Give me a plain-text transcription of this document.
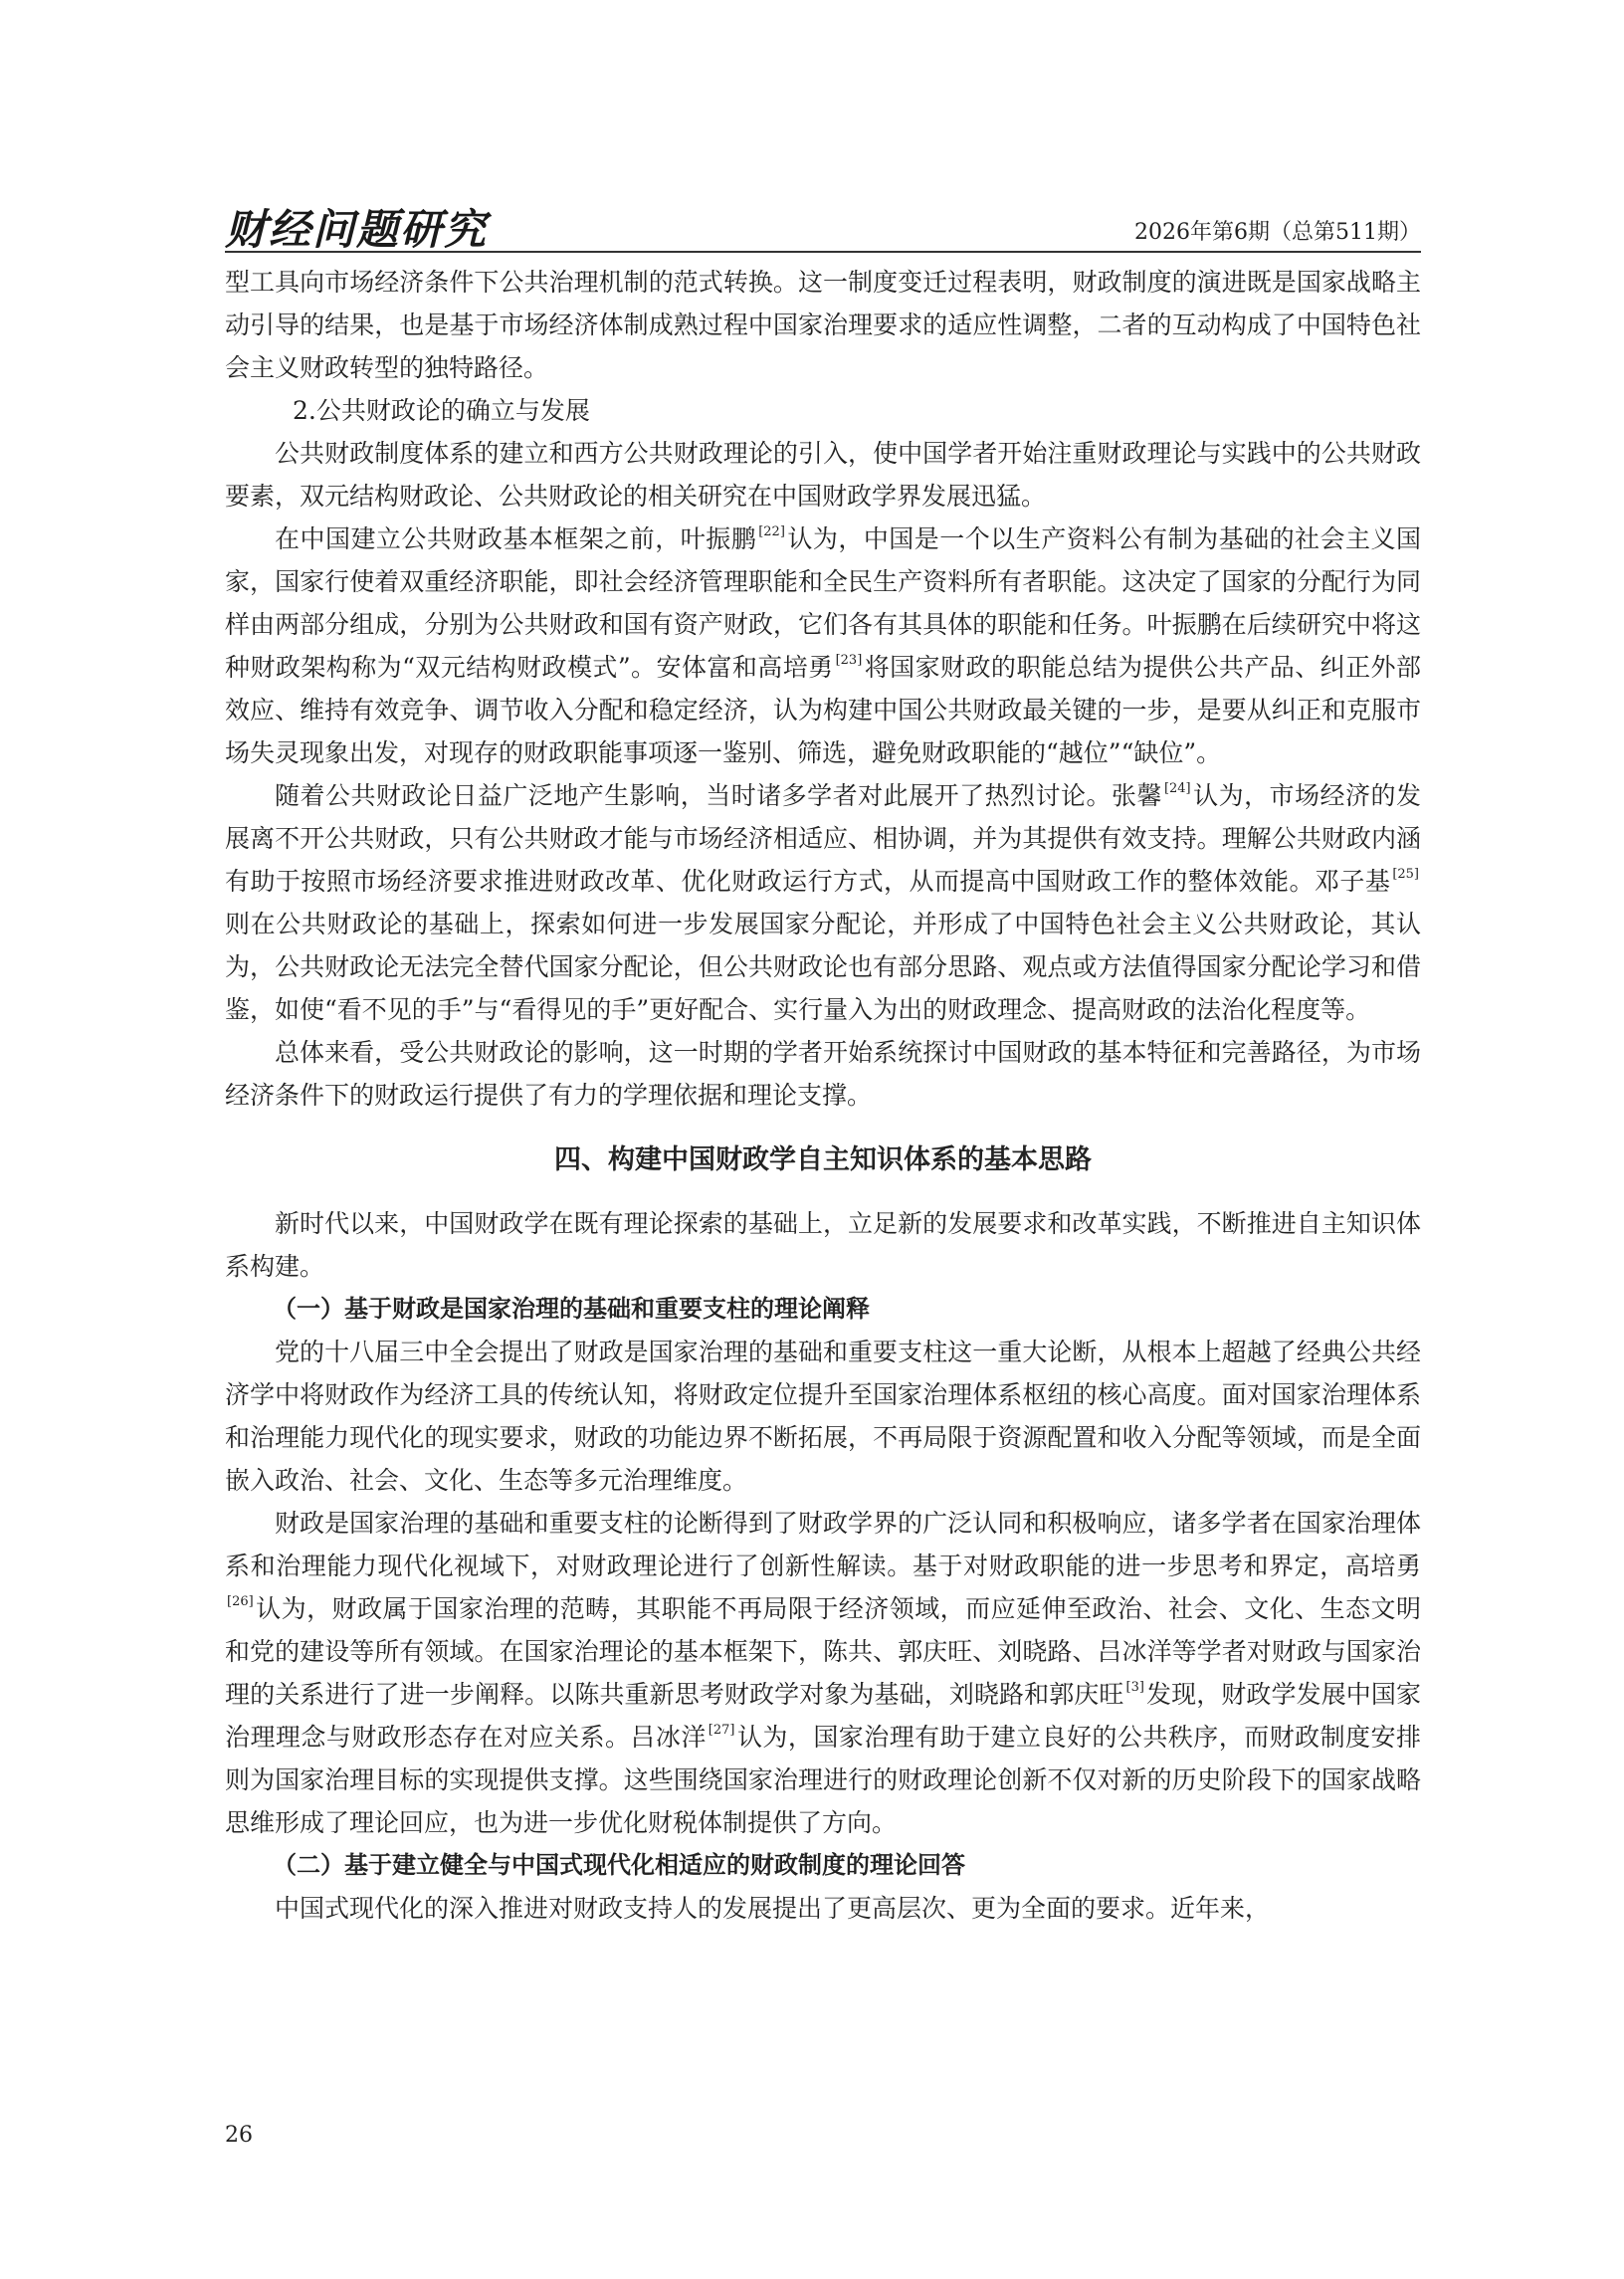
财经问题研究	2026年第6期（总第511期）

型工具向市场经济条件下公共治理机制的范式转换。这一制度变迁过程表明，财政制度的演进既是国家战略主动引导的结果，也是基于市场经济体制成熟过程中国家治理要求的适应性调整，二者的互动构成了中国特色社会主义财政转型的独特路径。

2.公共财政论的确立与发展

公共财政制度体系的建立和西方公共财政理论的引入，使中国学者开始注重财政理论与实践中的公共财政要素，双元结构财政论、公共财政论的相关研究在中国财政学界发展迅猛。

在中国建立公共财政基本框架之前，叶振鹏 [22]认为，中国是一个以生产资料公有制为基础的社会主义国家，国家行使着双重经济职能，即社会经济管理职能和全民生产资料所有者职能。这决定了国家的分配行为同样由两部分组成，分别为公共财政和国有资产财政，它们各有其具体的职能和任务。叶振鹏在后续研究中将这种财政架构称为“双元结构财政模式”。安体富和高培勇 [23]将国家财政的职能总结为提供公共产品、纠正外部效应、维持有效竞争、调节收入分配和稳定经济，认为构建中国公共财政最关键的一步，是要从纠正和克服市场失灵现象出发，对现存的财政职能事项逐一鉴别、筛选，避免财政职能的“越位”“缺位”。

随着公共财政论日益广泛地产生影响，当时诸多学者对此展开了热烈讨论。张馨 [24]认为，市场经济的发展离不开公共财政，只有公共财政才能与市场经济相适应、相协调，并为其提供有效支持。理解公共财政内涵有助于按照市场经济要求推进财政改革、优化财政运行方式，从而提高中国财政工作的整体效能。邓子基 [25]则在公共财政论的基础上，探索如何进一步发展国家分配论，并形成了中国特色社会主义公共财政论，其认为，公共财政论无法完全替代国家分配论，但公共财政论也有部分思路、观点或方法值得国家分配论学习和借鉴，如使“看不见的手”与“看得见的手”更好配合、实行量入为出的财政理念、提高财政的法治化程度等。

总体来看，受公共财政论的影响，这一时期的学者开始系统探讨中国财政的基本特征和完善路径，为市场经济条件下的财政运行提供了有力的学理依据和理论支撑。

四、构建中国财政学自主知识体系的基本思路

新时代以来，中国财政学在既有理论探索的基础上，立足新的发展要求和改革实践，不断推进自主知识体系构建。

（一）基于财政是国家治理的基础和重要支柱的理论阐释

党的十八届三中全会提出了财政是国家治理的基础和重要支柱这一重大论断，从根本上超越了经典公共经济学中将财政作为经济工具的传统认知，将财政定位提升至国家治理体系枢纽的核心高度。面对国家治理体系和治理能力现代化的现实要求，财政的功能边界不断拓展，不再局限于资源配置和收入分配等领域，而是全面嵌入政治、社会、文化、生态等多元治理维度。

财政是国家治理的基础和重要支柱的论断得到了财政学界的广泛认同和积极响应，诸多学者在国家治理体系和治理能力现代化视域下，对财政理论进行了创新性解读。基于对财政职能的进一步思考和界定，高培勇[26]认为，财政属于国家治理的范畴，其职能不再局限于经济领域，而应延伸至政治、社会、文化、生态文明和党的建设等所有领域。在国家治理论的基本框架下，陈共、郭庆旺、刘晓路、吕冰洋等学者对财政与国家治理的关系进行了进一步阐释。以陈共重新思考财政学对象为基础，刘晓路和郭庆旺 [3]发现，财政学发展中国家治理理念与财政形态存在对应关系。吕冰洋 [27]认为，国家治理有助于建立良好的公共秩序，而财政制度安排则为国家治理目标的实现提供支撑。这些围绕国家治理进行的财政理论创新不仅对新的历史阶段下的国家战略思维形成了理论回应，也为进一步优化财税体制提供了方向。

（二）基于建立健全与中国式现代化相适应的财政制度的理论回答

中国式现代化的深入推进对财政支持人的发展提出了更高层次、更为全面的要求。近年来，

26
